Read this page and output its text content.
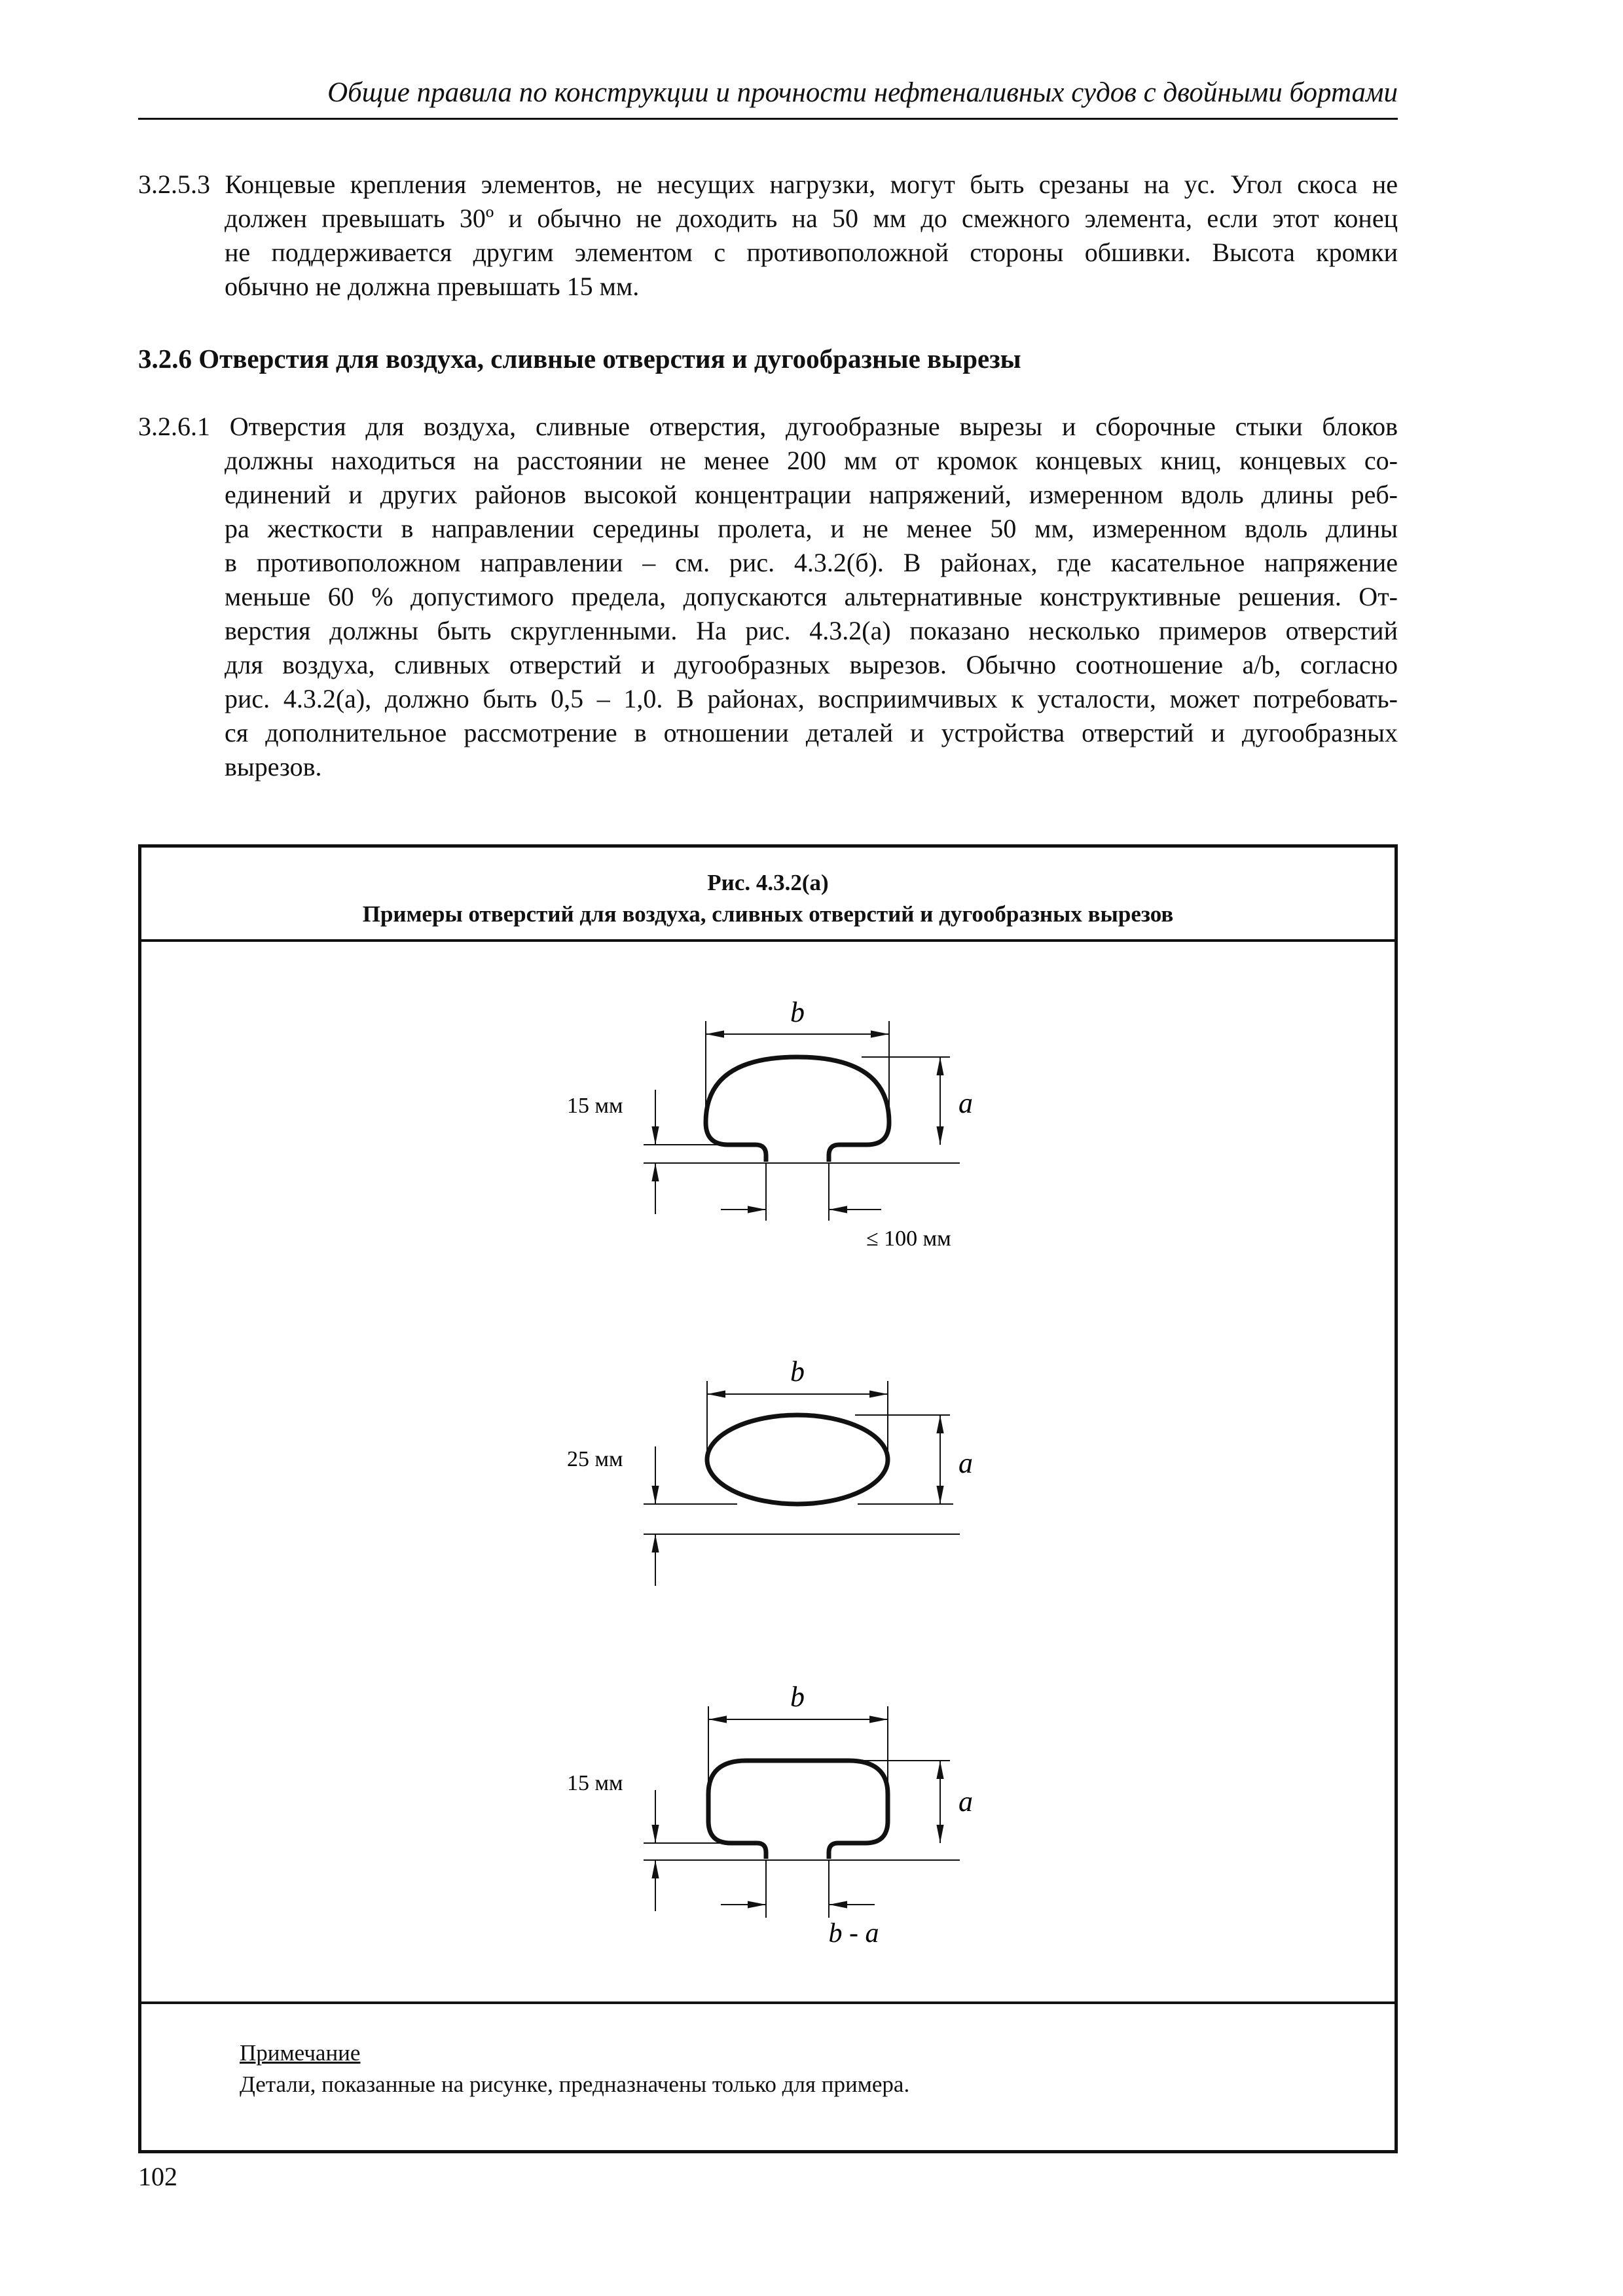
Общие правила по конструкции и прочности нефтеналивных судов с двойными бортами
3.2.5.3 Концевые крепления элементов, не несущих нагрузки, могут быть срезаны на ус. Угол скоса не
должен превышать 30º и обычно не доходить на 50 мм до смежного элемента, если этот конец
не поддерживается другим элементом с противоположной стороны обшивки. Высота кромки
обычно не должна превышать 15 мм.
3.2.6 Отверстия для воздуха, сливные отверстия и дугообразные вырезы
3.2.6.1 Отверстия для воздуха, сливные отверстия, дугообразные вырезы и сборочные стыки блоков
должны находиться на расстоянии не менее 200 мм от кромок концевых книц, концевых со-
единений и других районов высокой концентрации напряжений, измеренном вдоль длины реб-
ра жесткости в направлении середины пролета, и не менее 50 мм, измеренном вдоль длины
в противоположном направлении – см. рис. 4.3.2(б). В районах, где касательное напряжение
меньше 60 % допустимого предела, допускаются альтернативные конструктивные решения. От-
верстия должны быть скругленными. На рис. 4.3.2(а) показано несколько примеров отверстий
для воздуха, сливных отверстий и дугообразных вырезов. Обычно соотношение a/b, согласно
рис. 4.3.2(а), должно быть 0,5 – 1,0. В районах, восприимчивых к усталости, может потребовать-
ся дополнительное рассмотрение в отношении деталей и устройства отверстий и дугообразных
вырезов.
Рис. 4.3.2(а)
Примеры отверстий для воздуха, сливных отверстий и дугообразных вырезов
b
a
15 мм
≤ 100 мм
b
a
25 мм
b
a
15 мм
b - a
Примечание
Детали, показанные на рисунке, предназначены только для примера.
102
